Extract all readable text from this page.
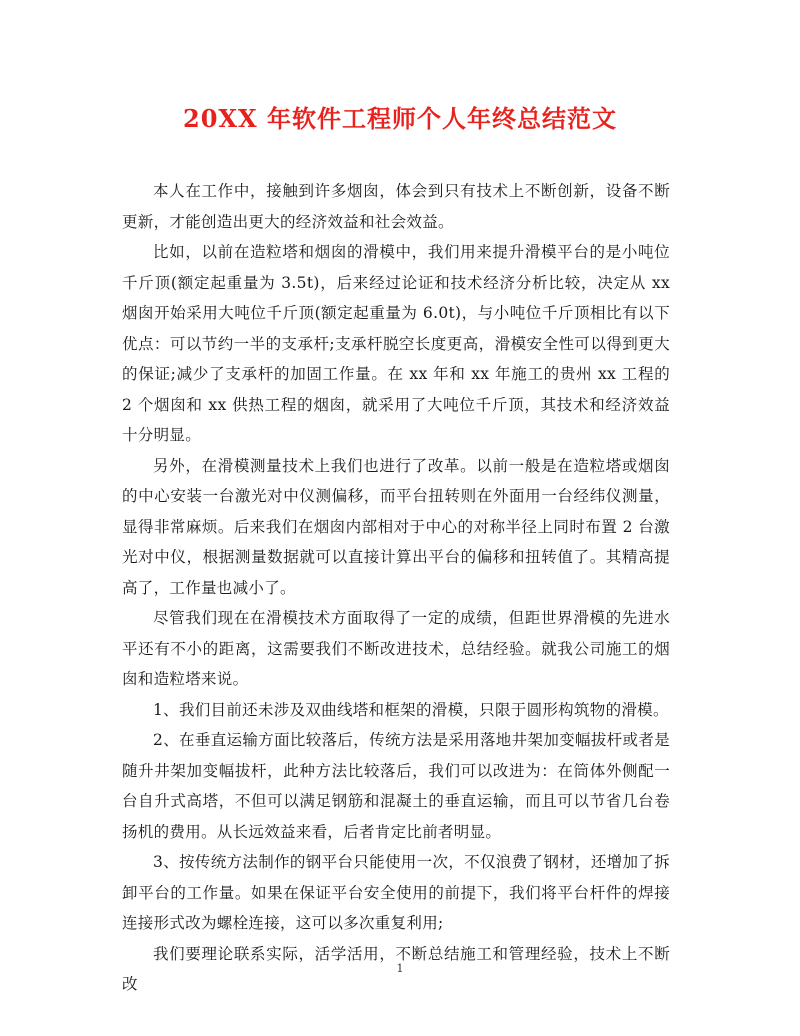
20XX 年软件工程师个人年终总结范文

本人在工作中，接触到许多烟囱，体会到只有技术上不断创新，设备不断更新，才能创造出更大的经济效益和社会效益。

比如，以前在造粒塔和烟囱的滑模中，我们用来提升滑模平台的是小吨位千斤顶(额定起重量为 3.5t)，后来经过论证和技术经济分析比较，决定从 xx 烟囱开始采用大吨位千斤顶(额定起重量为 6.0t)，与小吨位千斤顶相比有以下优点：可以节约一半的支承杆;支承杆脱空长度更高，滑模安全性可以得到更大的保证;减少了支承杆的加固工作量。在 xx 年和 xx 年施工的贵州 xx 工程的 2 个烟囱和 xx 供热工程的烟囱，就采用了大吨位千斤顶，其技术和经济效益十分明显。

另外，在滑模测量技术上我们也进行了改革。以前一般是在造粒塔或烟囱的中心安装一台激光对中仪测偏移，而平台扭转则在外面用一台经纬仪测量，显得非常麻烦。后来我们在烟囱内部相对于中心的对称半径上同时布置 2 台激光对中仪，根据测量数据就可以直接计算出平台的偏移和扭转值了。其精高提高了，工作量也减小了。

尽管我们现在在滑模技术方面取得了一定的成绩，但距世界滑模的先进水平还有不小的距离，这需要我们不断改进技术，总结经验。就我公司施工的烟囱和造粒塔来说。

1、我们目前还未涉及双曲线塔和框架的滑模，只限于圆形构筑物的滑模。

2、在垂直运输方面比较落后，传统方法是采用落地井架加变幅拔杆或者是随升井架加变幅拔杆，此种方法比较落后，我们可以改进为：在筒体外侧配一台自升式高塔，不但可以满足钢筋和混凝土的垂直运输，而且可以节省几台卷扬机的费用。从长远效益来看，后者肯定比前者明显。

3、按传统方法制作的钢平台只能使用一次，不仅浪费了钢材，还增加了拆卸平台的工作量。如果在保证平台安全使用的前提下，我们将平台杆件的焊接连接形式改为螺栓连接，这可以多次重复利用;

我们要理论联系实际，活学活用，不断总结施工和管理经验，技术上不断改

1
